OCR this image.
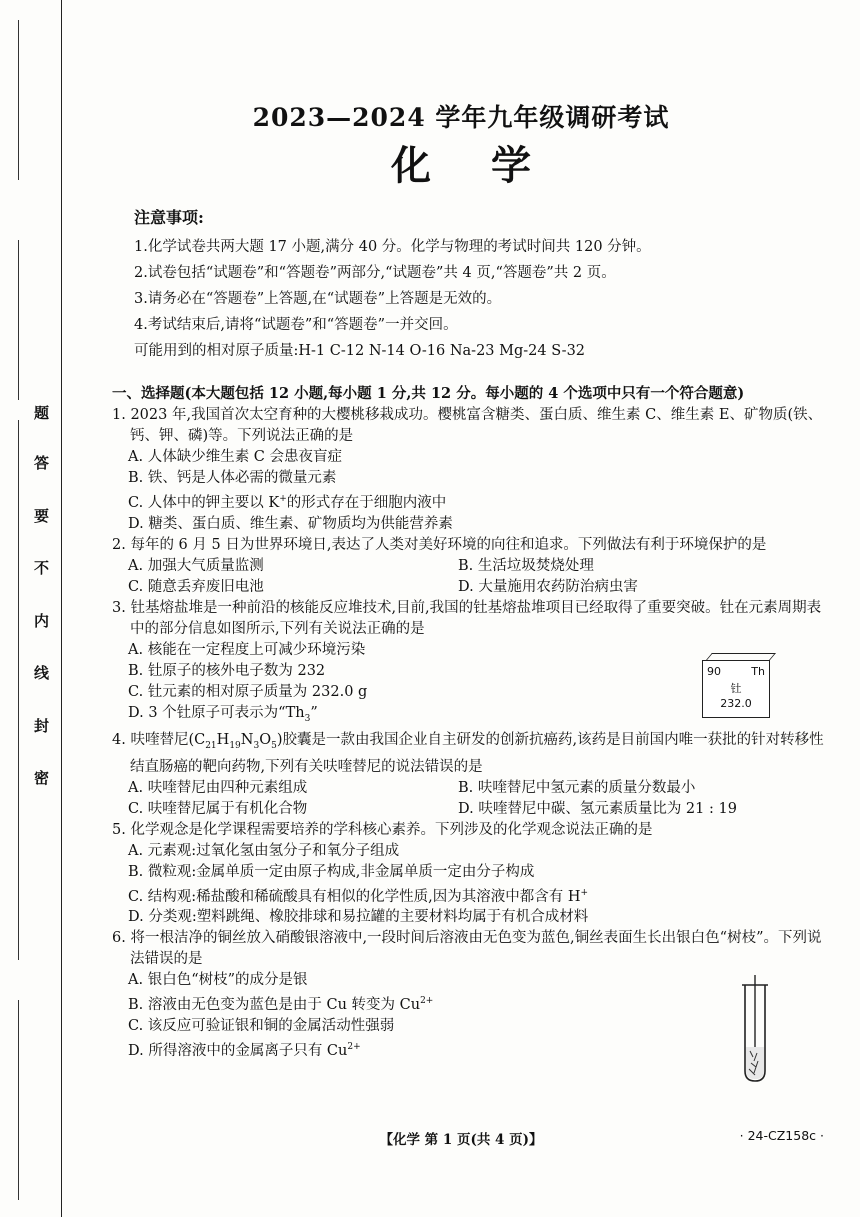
题
答
要
不
内
线
封
密
2023—2024 学年九年级调研考试
化学
注意事项:
1.化学试卷共两大题 17 小题,满分 40 分。化学与物理的考试时间共 120 分钟。
2.试卷包括“试题卷”和“答题卷”两部分,“试题卷”共 4 页,“答题卷”共 2 页。
3.请务必在“答题卷”上答题,在“试题卷”上答题是无效的。
4.考试结束后,请将“试题卷”和“答题卷”一并交回。
可能用到的相对原子质量:H-1 C-12 N-14 O-16 Na-23 Mg-24 S-32
一、选择题(本大题包括 12 小题,每小题 1 分,共 12 分。每小题的 4 个选项中只有一个符合题意)
1. 2023 年,我国首次太空育种的大樱桃移栽成功。樱桃富含糖类、蛋白质、维生素 C、维生素 E、矿物质(铁、钙、钾、磷)等。下列说法正确的是
A. 人体缺少维生素 C 会患夜盲症
B. 铁、钙是人体必需的微量元素
C. 人体中的钾主要以 K+的形式存在于细胞内液中
D. 糖类、蛋白质、维生素、矿物质均为供能营养素
2. 每年的 6 月 5 日为世界环境日,表达了人类对美好环境的向往和追求。下列做法有利于环境保护的是
A. 加强大气质量监测	B. 生活垃圾焚烧处理
C. 随意丢弃废旧电池	D. 大量施用农药防治病虫害
3. 钍基熔盐堆是一种前沿的核能反应堆技术,目前,我国的钍基熔盐堆项目已经取得了重要突破。钍在元素周期表中的部分信息如图所示,下列有关说法正确的是
A. 核能在一定程度上可减少环境污染
B. 钍原子的核外电子数为 232
C. 钍元素的相对原子质量为 232.0 g
D. 3 个钍原子可表示为“$Th_3$”
4. 呋喹替尼$(C_{21}H_{19}N_3O_5)$胶囊是一款由我国企业自主研发的创新抗癌药,该药是目前国内唯一获批的针对转移性结直肠癌的靶向药物,下列有关呋喹替尼的说法错误的是
A. 呋喹替尼由四种元素组成	B. 呋喹替尼中氢元素的质量分数最小
C. 呋喹替尼属于有机化合物	D. 呋喹替尼中碳、氢元素质量比为 21 : 19
5. 化学观念是化学课程需要培养的学科核心素养。下列涉及的化学观念说法正确的是
A. 元素观:过氧化氢由氢分子和氧分子组成
B. 微粒观:金属单质一定由原子构成,非金属单质一定由分子构成
C. 结构观:稀盐酸和稀硫酸具有相似的化学性质,因为其溶液中都含有 H+
D. 分类观:塑料跳绳、橡胶排球和易拉罐的主要材料均属于有机合成材料
6. 将一根洁净的铜丝放入硝酸银溶液中,一段时间后溶液由无色变为蓝色,铜丝表面生长出银白色“树枝”。下列说法错误的是
A. 银白色“树枝”的成分是银
B. 溶液由无色变为蓝色是由于 Cu 转变为 $Cu^{2+}$
C. 该反应可验证银和铜的金属活动性强弱
D. 所得溶液中的金属离子只有 $Cu^{2+}$
90	Th
钍
232.0
【化学 第 1 页(共 4 页)】	· 24-CZ158c ·
